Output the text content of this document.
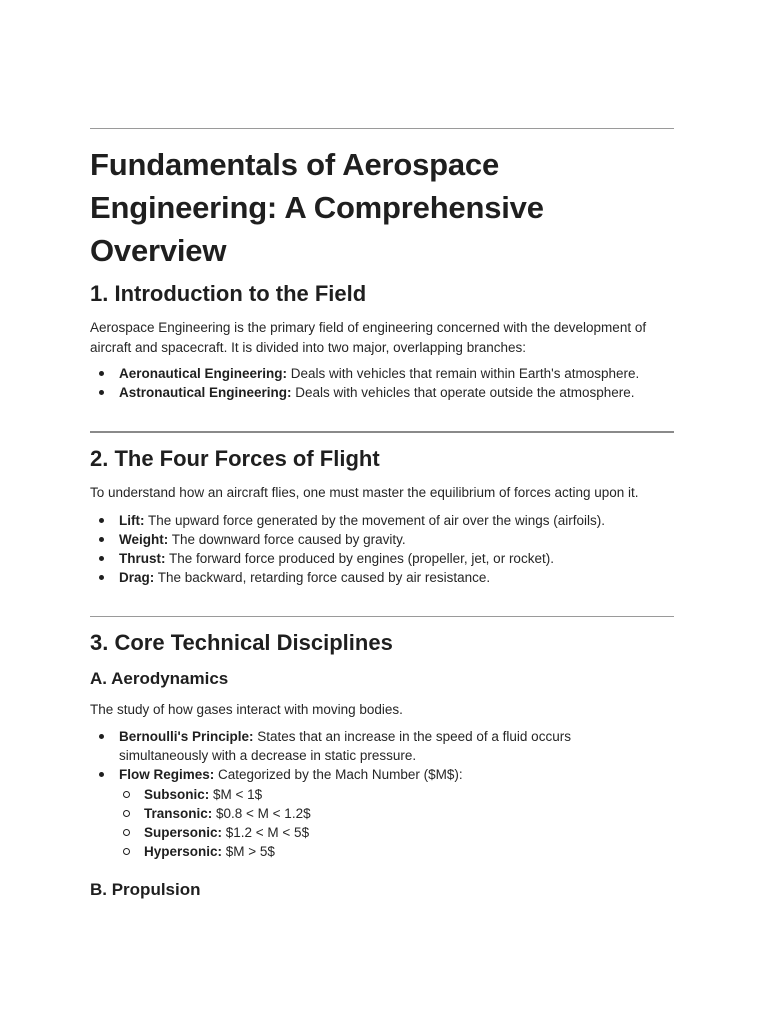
Fundamentals of Aerospace Engineering: A Comprehensive Overview
1. Introduction to the Field

Aerospace Engineering is the primary field of engineering concerned with the development of aircraft and spacecraft. It is divided into two major, overlapping branches:

Aeronautical Engineering: Deals with vehicles that remain within Earth's atmosphere.
Astronautical Engineering: Deals with vehicles that operate outside the atmosphere.
2. The Four Forces of Flight

To understand how an aircraft flies, one must master the equilibrium of forces acting upon it.

Lift: The upward force generated by the movement of air over the wings (airfoils).
Weight: The downward force caused by gravity.
Thrust: The forward force produced by engines (propeller, jet, or rocket).
Drag: The backward, retarding force caused by air resistance.
3. Core Technical Disciplines
A. Aerodynamics

The study of how gases interact with moving bodies.

Bernoulli's Principle: States that an increase in the speed of a fluid occurs simultaneously with a decrease in static pressure.
Flow Regimes: Categorized by the Mach Number ($M$):
Subsonic: $M < 1$
Transonic: $0.8 < M < 1.2$
Supersonic: $1.2 < M < 5$
Hypersonic: $M > 5$
B. Propulsion
